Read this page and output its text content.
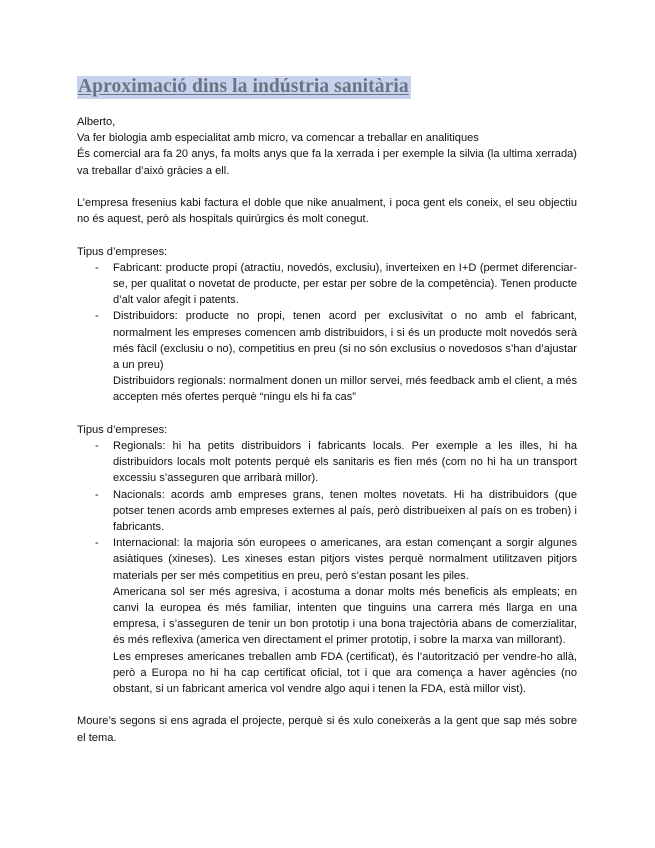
Aproximació dins la indústria sanitària

Alberto,

Va fer biologia amb especialitat amb micro, va comencar a treballar en analitiques

És comercial ara fa 20 anys, fa molts anys que fa la xerrada i per exemple la silvia (la ultima xerrada) va treballar d’això gràcies a ell.

L’empresa fresenius kabi factura el doble que nike anualment, i poca gent els coneix, el seu objectiu no és aquest, però als hospitals quirúrgics és molt conegut.

Tipus d’empreses:

- Fabricant: producte propi (atractiu, novedós, exclusiu), inverteixen en I+D (permet diferenciar-se, per qualitat o novetat de producte, per estar per sobre de la competència). Tenen producte d’alt valor afegit i patents.

- Distribuidors: producte no propi, tenen acord per exclusivitat o no amb el fabricant, normalment les empreses comencen amb distribuidors, i si és un producte molt novedós serà més fàcil (exclusiu o no), competitius en preu (si no són exclusius o novedosos s’han d’ajustar a un preu)

Distribuidors regionals: normalment donen un millor servei, més feedback amb el client, a més accepten més ofertes perquè “ningu els hi fa cas”

Tipus d’empreses:

- Regionals: hi ha petits distribuidors i fabricants locals. Per exemple a les illes, hi ha distribuidors locals molt potents perquè els sanitaris es fien més (com no hi ha un transport excessiu s’asseguren que arribarà millor).

- Nacionals: acords amb empreses grans, tenen moltes novetats. Hi ha distribuidors (que potser tenen acords amb empreses externes al país, però distribueixen al país on es troben) i fabricants.

- Internacional: la majoria són europees o americanes, ara estan començant a sorgir algunes asiàtiques (xineses). Les xineses estan pitjors vistes perquè normalment utilitzaven pitjors materials per ser més competitius en preu, però s’estan posant les piles.

Americana sol ser més agresiva, i acostuma a donar molts més beneficis als empleats; en canvi la europea és més familiar, intenten que tinguins una carrera més llarga en una empresa, i s’asseguren de tenir un bon prototip i una bona trajectòria abans de comerzialitar, és més reflexiva (america ven directament el primer prototip, i sobre la marxa van millorant).

Les empreses americanes treballen amb FDA (certificat), és l’autorització per vendre-ho allà, però a Europa no hi ha cap certificat oficial, tot i que ara comença a haver agències (no obstant, si un fabricant america vol vendre algo aqui i tenen la FDA, està millor vist).

Moure’s segons si ens agrada el projecte, perquè si és xulo coneixeràs a la gent que sap més sobre el tema.
